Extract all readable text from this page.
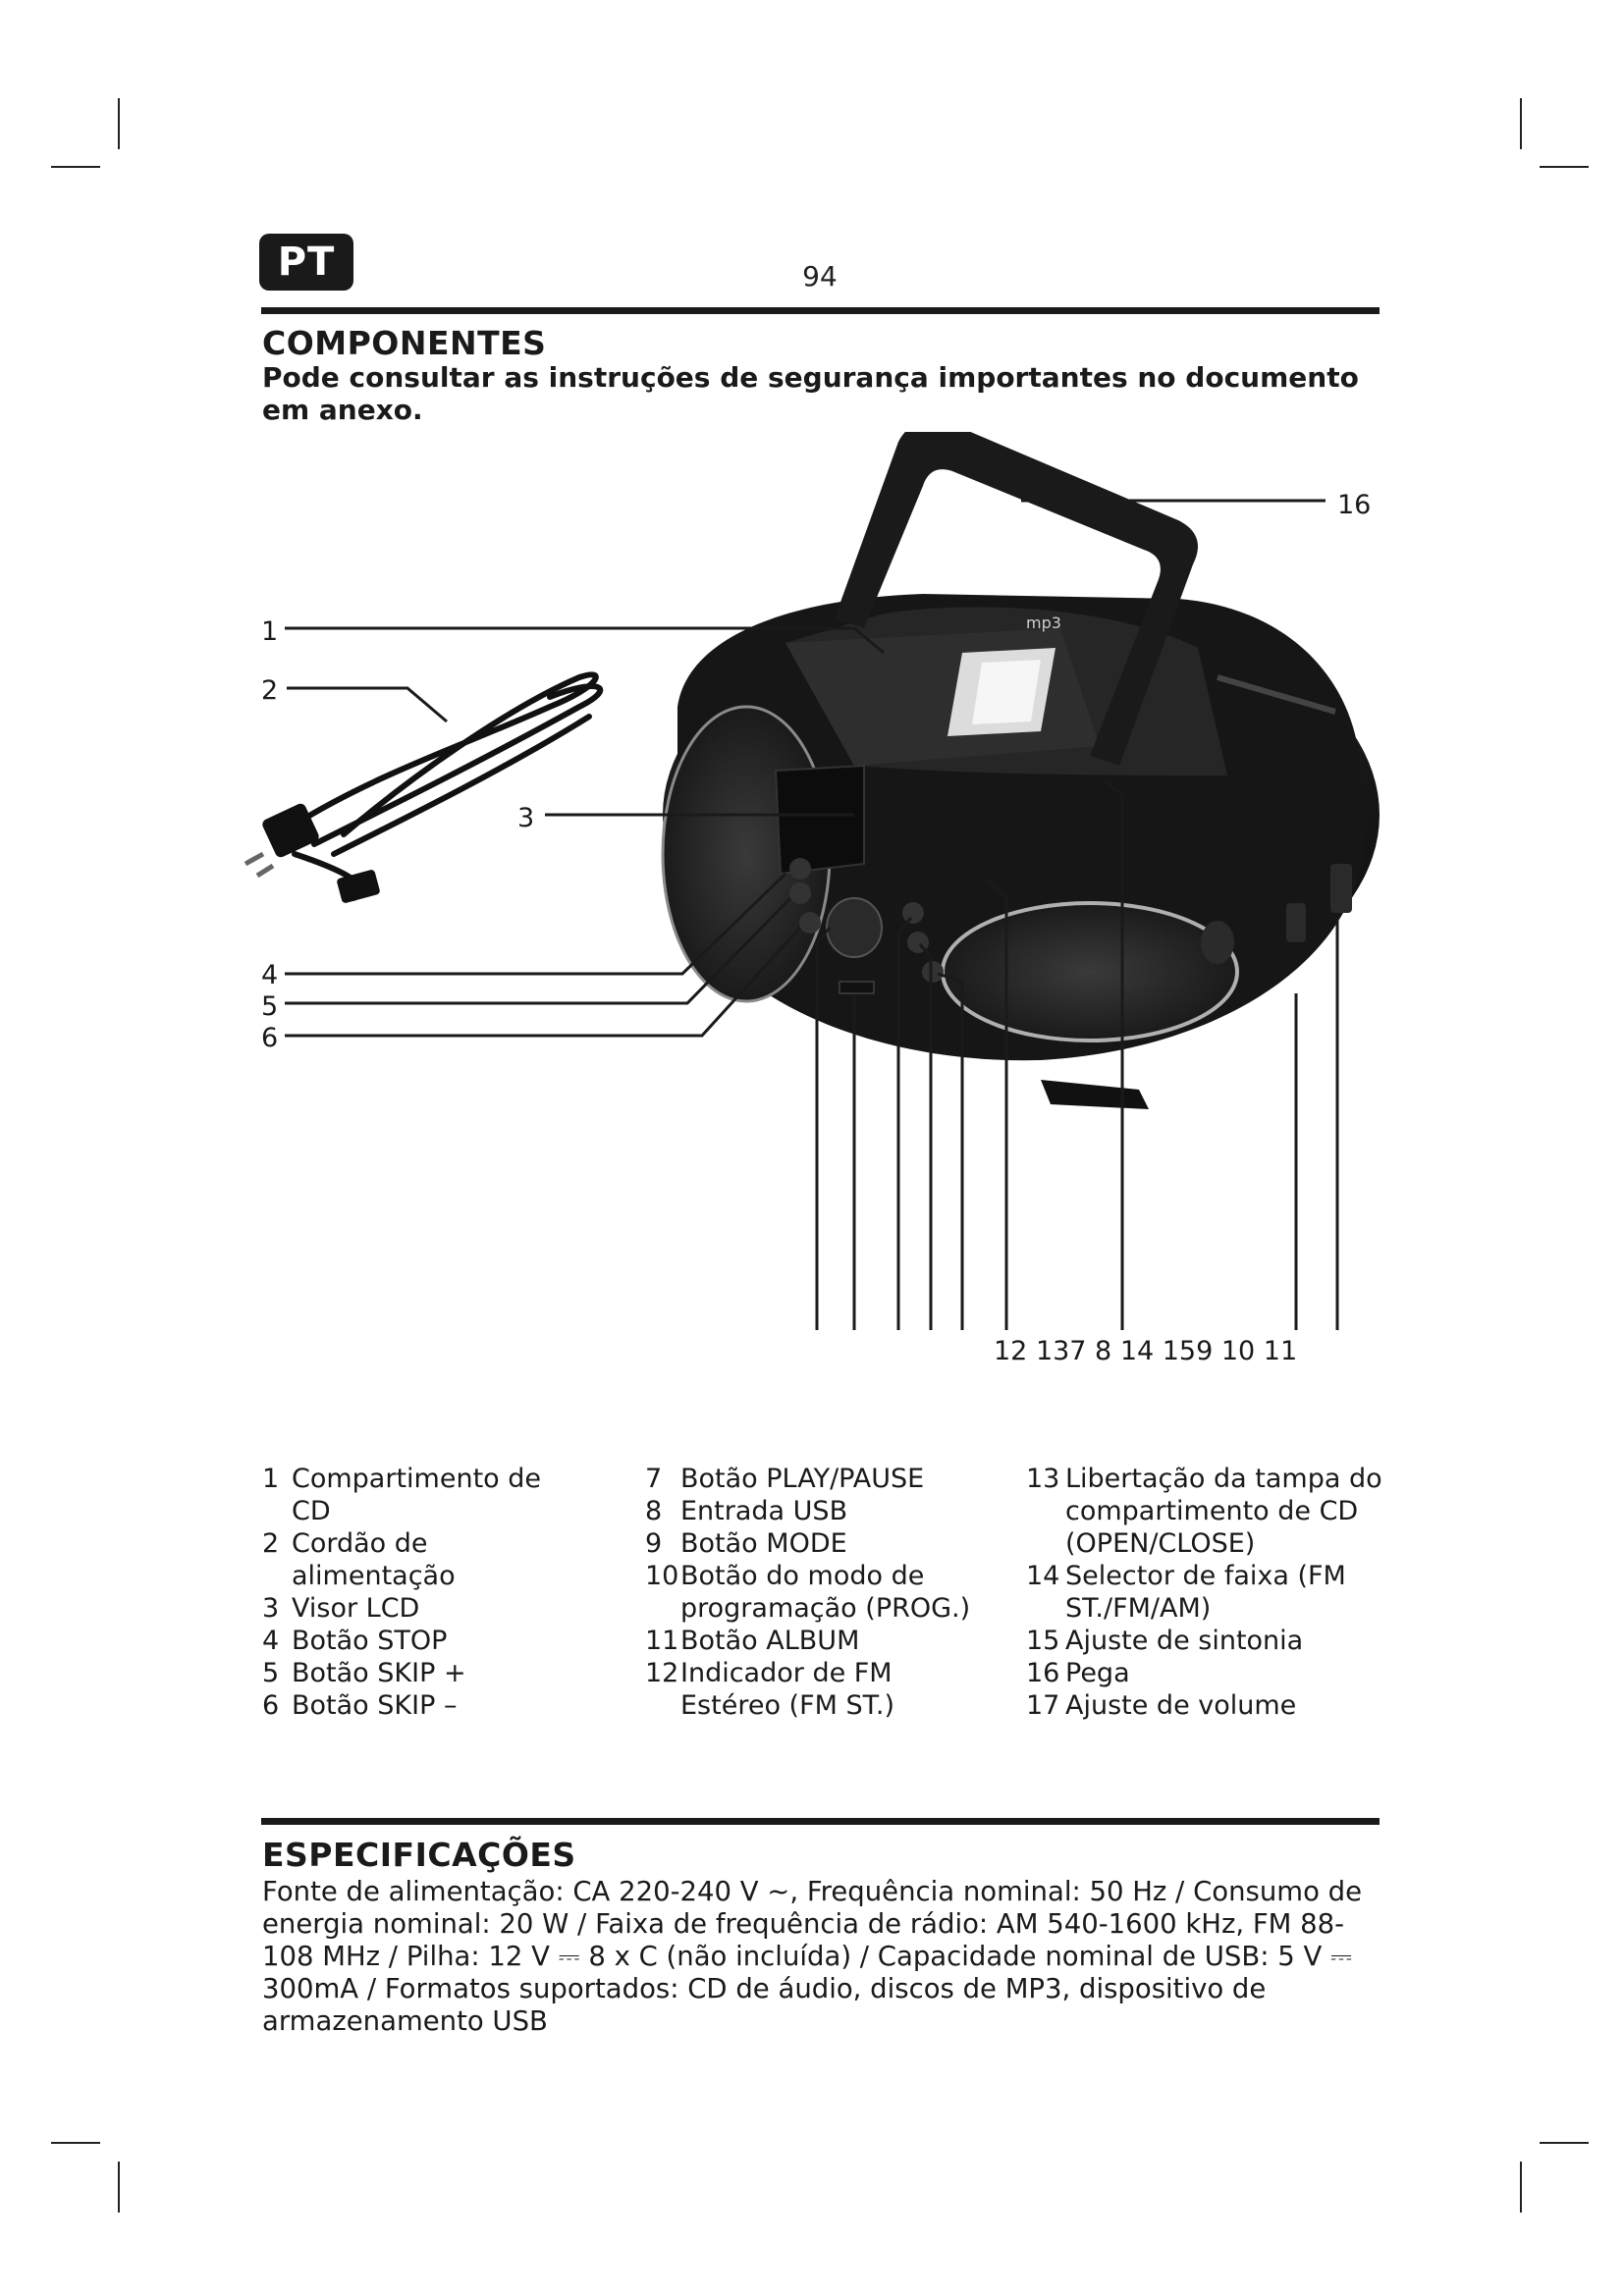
PT	94
COMPONENTES
Pode consultar as instruções de segurança importantes no documento em anexo.
mp3
16
1
2
3
4
5
6
12 137 8 14 159 10 11
1 Compartimento de CD
2 Cordão de alimentação
3 Visor LCD
4 Botão STOP
5 Botão SKIP +
6 Botão SKIP –
7 Botão PLAY/PAUSE
8 Entrada USB
9 Botão MODE
10 Botão do modo de programação (PROG.)
11 Botão ALBUM
12 Indicador de FM Estéreo (FM ST.)
13 Libertação da tampa do compartimento de CD (OPEN/CLOSE)
14 Selector de faixa (FM ST./FM/AM)
15 Ajuste de sintonia
16 Pega
17 Ajuste de volume
ESPECIFICAÇÕES
Fonte de alimentação: CA 220-240 V ~, Frequência nominal: 50 Hz / Consumo de energia nominal: 20 W / Faixa de frequência de rádio: AM 540-1600 kHz, FM 88-108 MHz / Pilha: 12 V ⎓ 8 x C (não incluída) / Capacidade nominal de USB: 5 V ⎓ 300mA / Formatos suportados: CD de áudio, discos de MP3, dispositivo de armazenamento USB
